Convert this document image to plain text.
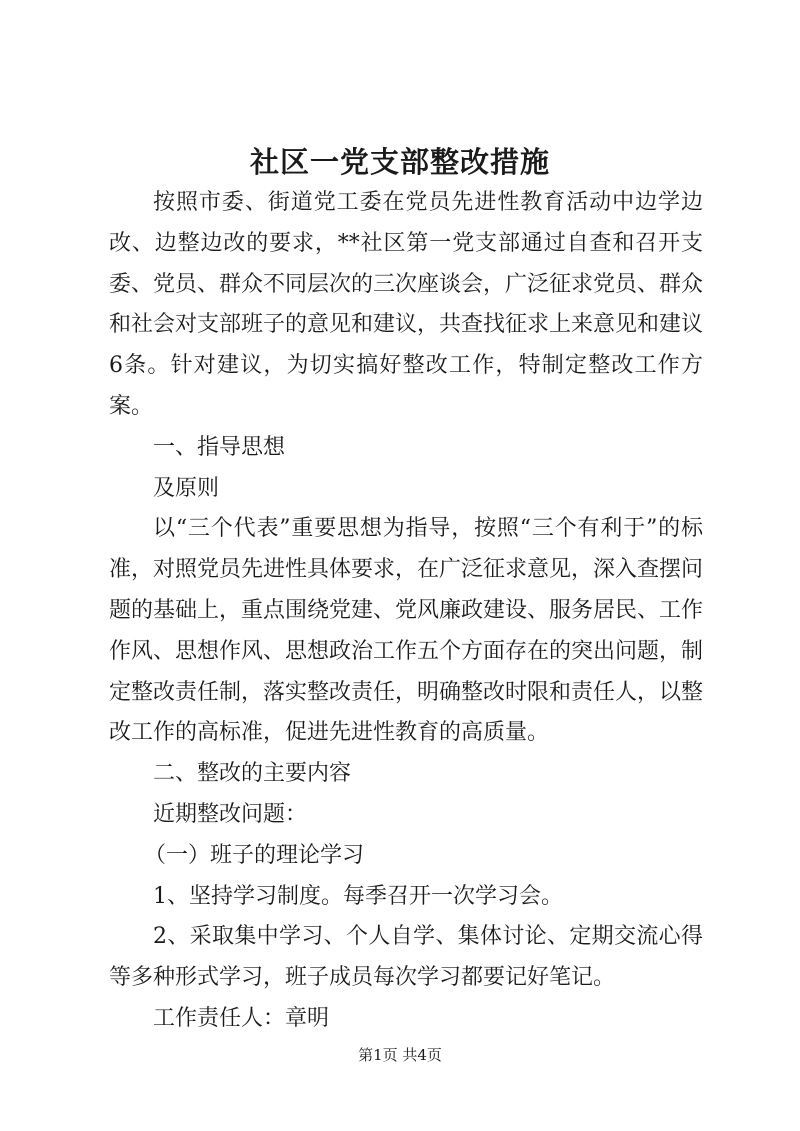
社区一党支部整改措施

按照市委、街道党工委在党员先进性教育活动中边学边改、边整边改的要求，**社区第一党支部通过自查和召开支委、党员、群众不同层次的三次座谈会，广泛征求党员、群众和社会对支部班子的意见和建议，共查找征求上来意见和建议6条。针对建议，为切实搞好整改工作，特制定整改工作方案。

一、指导思想

及原则

以“三个代表”重要思想为指导，按照“三个有利于”的标准，对照党员先进性具体要求，在广泛征求意见，深入查摆问题的基础上，重点围绕党建、党风廉政建设、服务居民、工作作风、思想作风、思想政治工作五个方面存在的突出问题，制定整改责任制，落实整改责任，明确整改时限和责任人，以整改工作的高标准，促进先进性教育的高质量。

二、整改的主要内容

近期整改问题：

（一）班子的理论学习

1、坚持学习制度。每季召开一次学习会。

2、采取集中学习、个人自学、集体讨论、定期交流心得等多种形式学习，班子成员每次学习都要记好笔记。

工作责任人：章明

第1页 共4页
